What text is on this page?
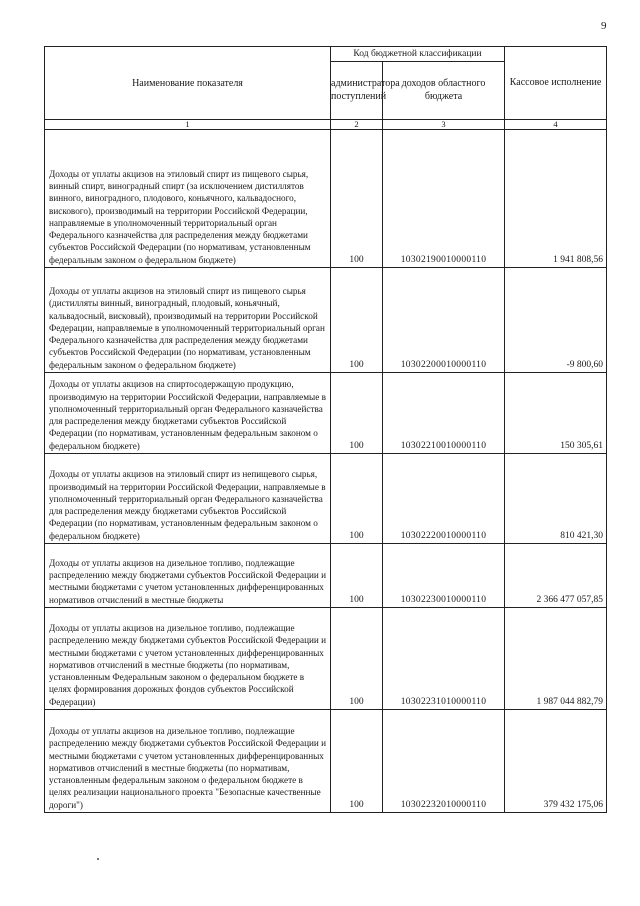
9
Наименование показателя	Код бюджетной классификации		Кассовое исполнение
	администратора поступлений	доходов областного бюджета	
1	2	3	4
Доходы от уплаты акцизов на этиловый спирт из пищевого сырья, винный спирт, виноградный спирт (за исключением дистиллятов винного, виноградного, плодового, коньячного, кальвадосного, вискового), производимый на территории Российской Федерации, направляемые в уполномоченный территориальный орган Федерального казначейства для распределения между бюджетами субъектов Российской Федерации (по нормативам, установленным федеральным законом о федеральном бюджете)	100	10302190010000110	1 941 808,56
Доходы от уплаты акцизов на этиловый спирт из пищевого сырья (дистилляты винный, виноградный, плодовый, коньячный, кальвадосный, висковый), производимый на территории Российской Федерации, направляемые в уполномоченный территориальный орган Федерального казначейства для распределения между бюджетами субъектов Российской Федерации (по нормативам, установленным федеральным законом о федеральном бюджете)	100	10302200010000110	-9 800,60
Доходы от уплаты акцизов на спиртосодержащую продукцию, производимую на территории Российской Федерации, направляемые в уполномоченный территориальный орган Федерального казначейства для распределения между бюджетами субъектов Российской Федерации (по нормативам, установленным федеральным законом о федеральном бюджете)	100	10302210010000110	150 305,61
Доходы от уплаты акцизов на этиловый спирт из непищевого сырья, производимый на территории Российской Федерации, направляемые в уполномоченный территориальный орган Федерального казначейства для распределения между бюджетами субъектов Российской Федерации (по нормативам, установленным федеральным законом о федеральном бюджете)	100	10302220010000110	810 421,30
Доходы от уплаты акцизов на дизельное топливо, подлежащие распределению между бюджетами субъектов Российской Федерации и местными бюджетами с учетом установленных дифференцированных нормативов отчислений в местные бюджеты	100	10302230010000110	2 366 477 057,85
Доходы от уплаты акцизов на дизельное топливо, подлежащие распределению между бюджетами субъектов Российской Федерации и местными бюджетами с учетом установленных дифференцированных нормативов отчислений в местные бюджеты (по нормативам, установленным Федеральным законом о федеральном бюджете в целях формирования дорожных фондов субъектов Российской Федерации)	100	10302231010000110	1 987 044 882,79
Доходы от уплаты акцизов на дизельное топливо, подлежащие распределению между бюджетами субъектов Российской Федерации и местными бюджетами с учетом установленных дифференцированных нормативов отчислений в местные бюджеты (по нормативам, установленным федеральным законом о федеральном бюджете в целях реализации национального проекта "Безопасные качественные дороги")	100	10302232010000110	379 432 175,06
